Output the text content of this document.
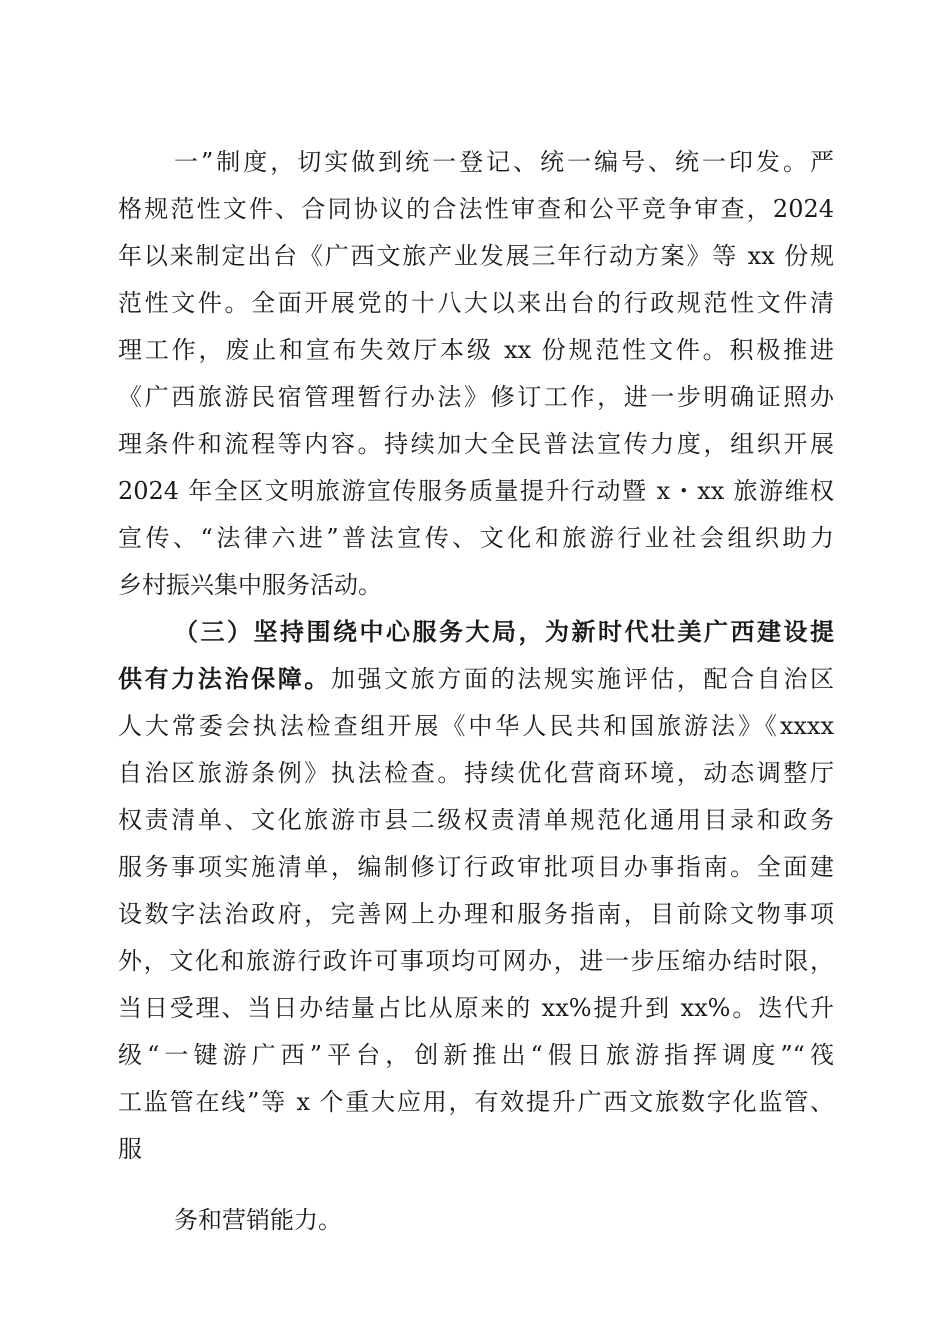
一”制度，切实做到统一登记、统一编号、统一印发。严
格规范性文件、合同协议的合法性审查和公平竞争审查，2024
年以来制定出台《广西文旅产业发展三年行动方案》等 xx 份规
范性文件。全面开展党的十八大以来出台的行政规范性文件清
理工作，废止和宣布失效厅本级 xx 份规范性文件。积极推进
《广西旅游民宿管理暂行办法》修订工作，进一步明确证照办
理条件和流程等内容。持续加大全民普法宣传力度，组织开展
2024 年全区文明旅游宣传服务质量提升行动暨 x・xx 旅游维权
宣传、“法律六进”普法宣传、文化和旅游行业社会组织助力
乡村振兴集中服务活动。
（三）坚持围绕中心服务大局，为新时代壮美广西建设提
供有力法治保障。加强文旅方面的法规实施评估，配合自治区
人大常委会执法检查组开展《中华人民共和国旅游法》《xxxx
自治区旅游条例》执法检查。持续优化营商环境，动态调整厅
权责清单、文化旅游市县二级权责清单规范化通用目录和政务
服务事项实施清单，编制修订行政审批项目办事指南。全面建
设数字法治政府，完善网上办理和服务指南，目前除文物事项
外，文化和旅游行政许可事项均可网办，进一步压缩办结时限，
当日受理、当日办结量占比从原来的 xx%提升到 xx%。迭代升
级“一键游广西”平台，创新推出“假日旅游指挥调度”“筏
工监管在线”等 x 个重大应用，有效提升广西文旅数字化监管、
服
务和营销能力。
